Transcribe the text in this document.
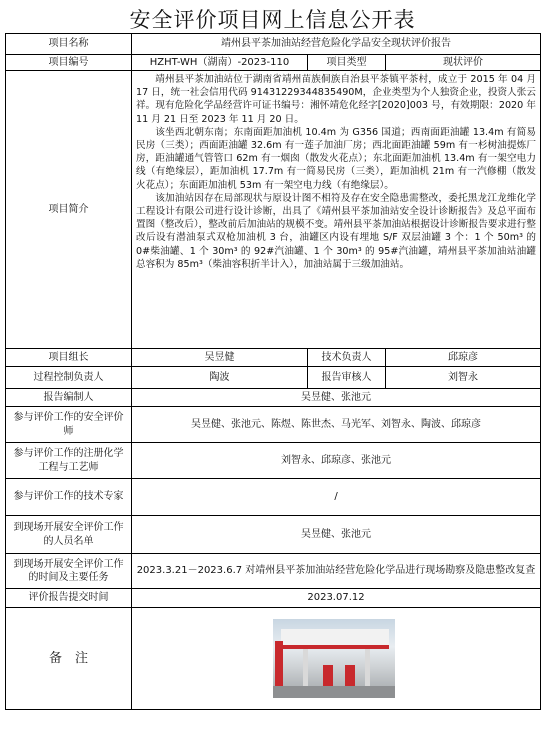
安全评价项目网上信息公开表
项目名称	靖州县平茶加油站经营危险化学品安全现状评价报告		
项目编号	HZHT-WH（湖南）-2023-110	项目类型	现状评价
项目简介	靖州县平茶加油站位于湖南省靖州苗族侗族自治县平茶镇平茶村，成立于 2015 年 04 月 17 日，统一社会信用代码 91431229344835490M，企业类型为个人独资企业，投资人张云祥。现有危险化学品经营许可证书编号：湘怀靖危化经字[2020]003 号，有效期限：2020 年 11 月 21 日至 2023 年 11 月 20 日。

该坐西北朝东南；东南面距加油机 10.4m 为 G356 国道；西南面距油罐 13.4m 有简易民房（三类）；西面距油罐 32.6m 有一莲子加油厂房；西北面距油罐 59m 有一杉树油提炼厂房，距油罐通气管管口 62m 有一烟囱（散发火花点）；东北面距加油机 13.4m 有一架空电力线（有绝缘层），距加油机 17.7m 有一简易民房（三类），距加油机 21m 有一汽修棚（散发火花点）；东面距加油机 53m 有一架空电力线（有绝缘层）。

该加油站因存在局部现状与原设计图不相符及存在安全隐患需整改，委托黑龙江龙维化学工程设计有限公司进行设计诊断，出具了《靖州县平茶加油站安全设计诊断报告》及总平面布置图（整改后），整改前后加油站的规模不变。靖州县平茶加油站根据设计诊断报告要求进行整改后设有潜油泵式双枪加油机 3 台，油罐区内设有埋地 S/F 双层油罐 3 个：1 个 50m³ 的 0#柴油罐、1 个 30m³ 的 92#汽油罐、1 个 30m³ 的 95#汽油罐，靖州县平茶加油站油罐总容积为 85m³（柴油容积折半计入），加油站属于三级加油站。		

项目组长	吴昱健	技术负责人	邱琼彦
过程控制负责人	陶波	报告审核人	刘智永
报告编制人	吴昱健、张池元		
参与评价工作的安全评价师	吴昱健、张池元、陈煜、陈世杰、马光军、刘智永、陶波、邱琼彦		
参与评价工作的注册化学工程与工艺师	刘智永、邱琼彦、张池元		
参与评价工作的技术专家	/		
到现场开展安全评价工作的人员名单	吴昱健、张池元		
到现场开展安全评价工作的时间及主要任务	2023.3.21－2023.6.7 对靖州县平茶加油站经营危险化学品进行现场勘察及隐患整改复查		
评价报告提交时间	2023.07.12		
备　注			
